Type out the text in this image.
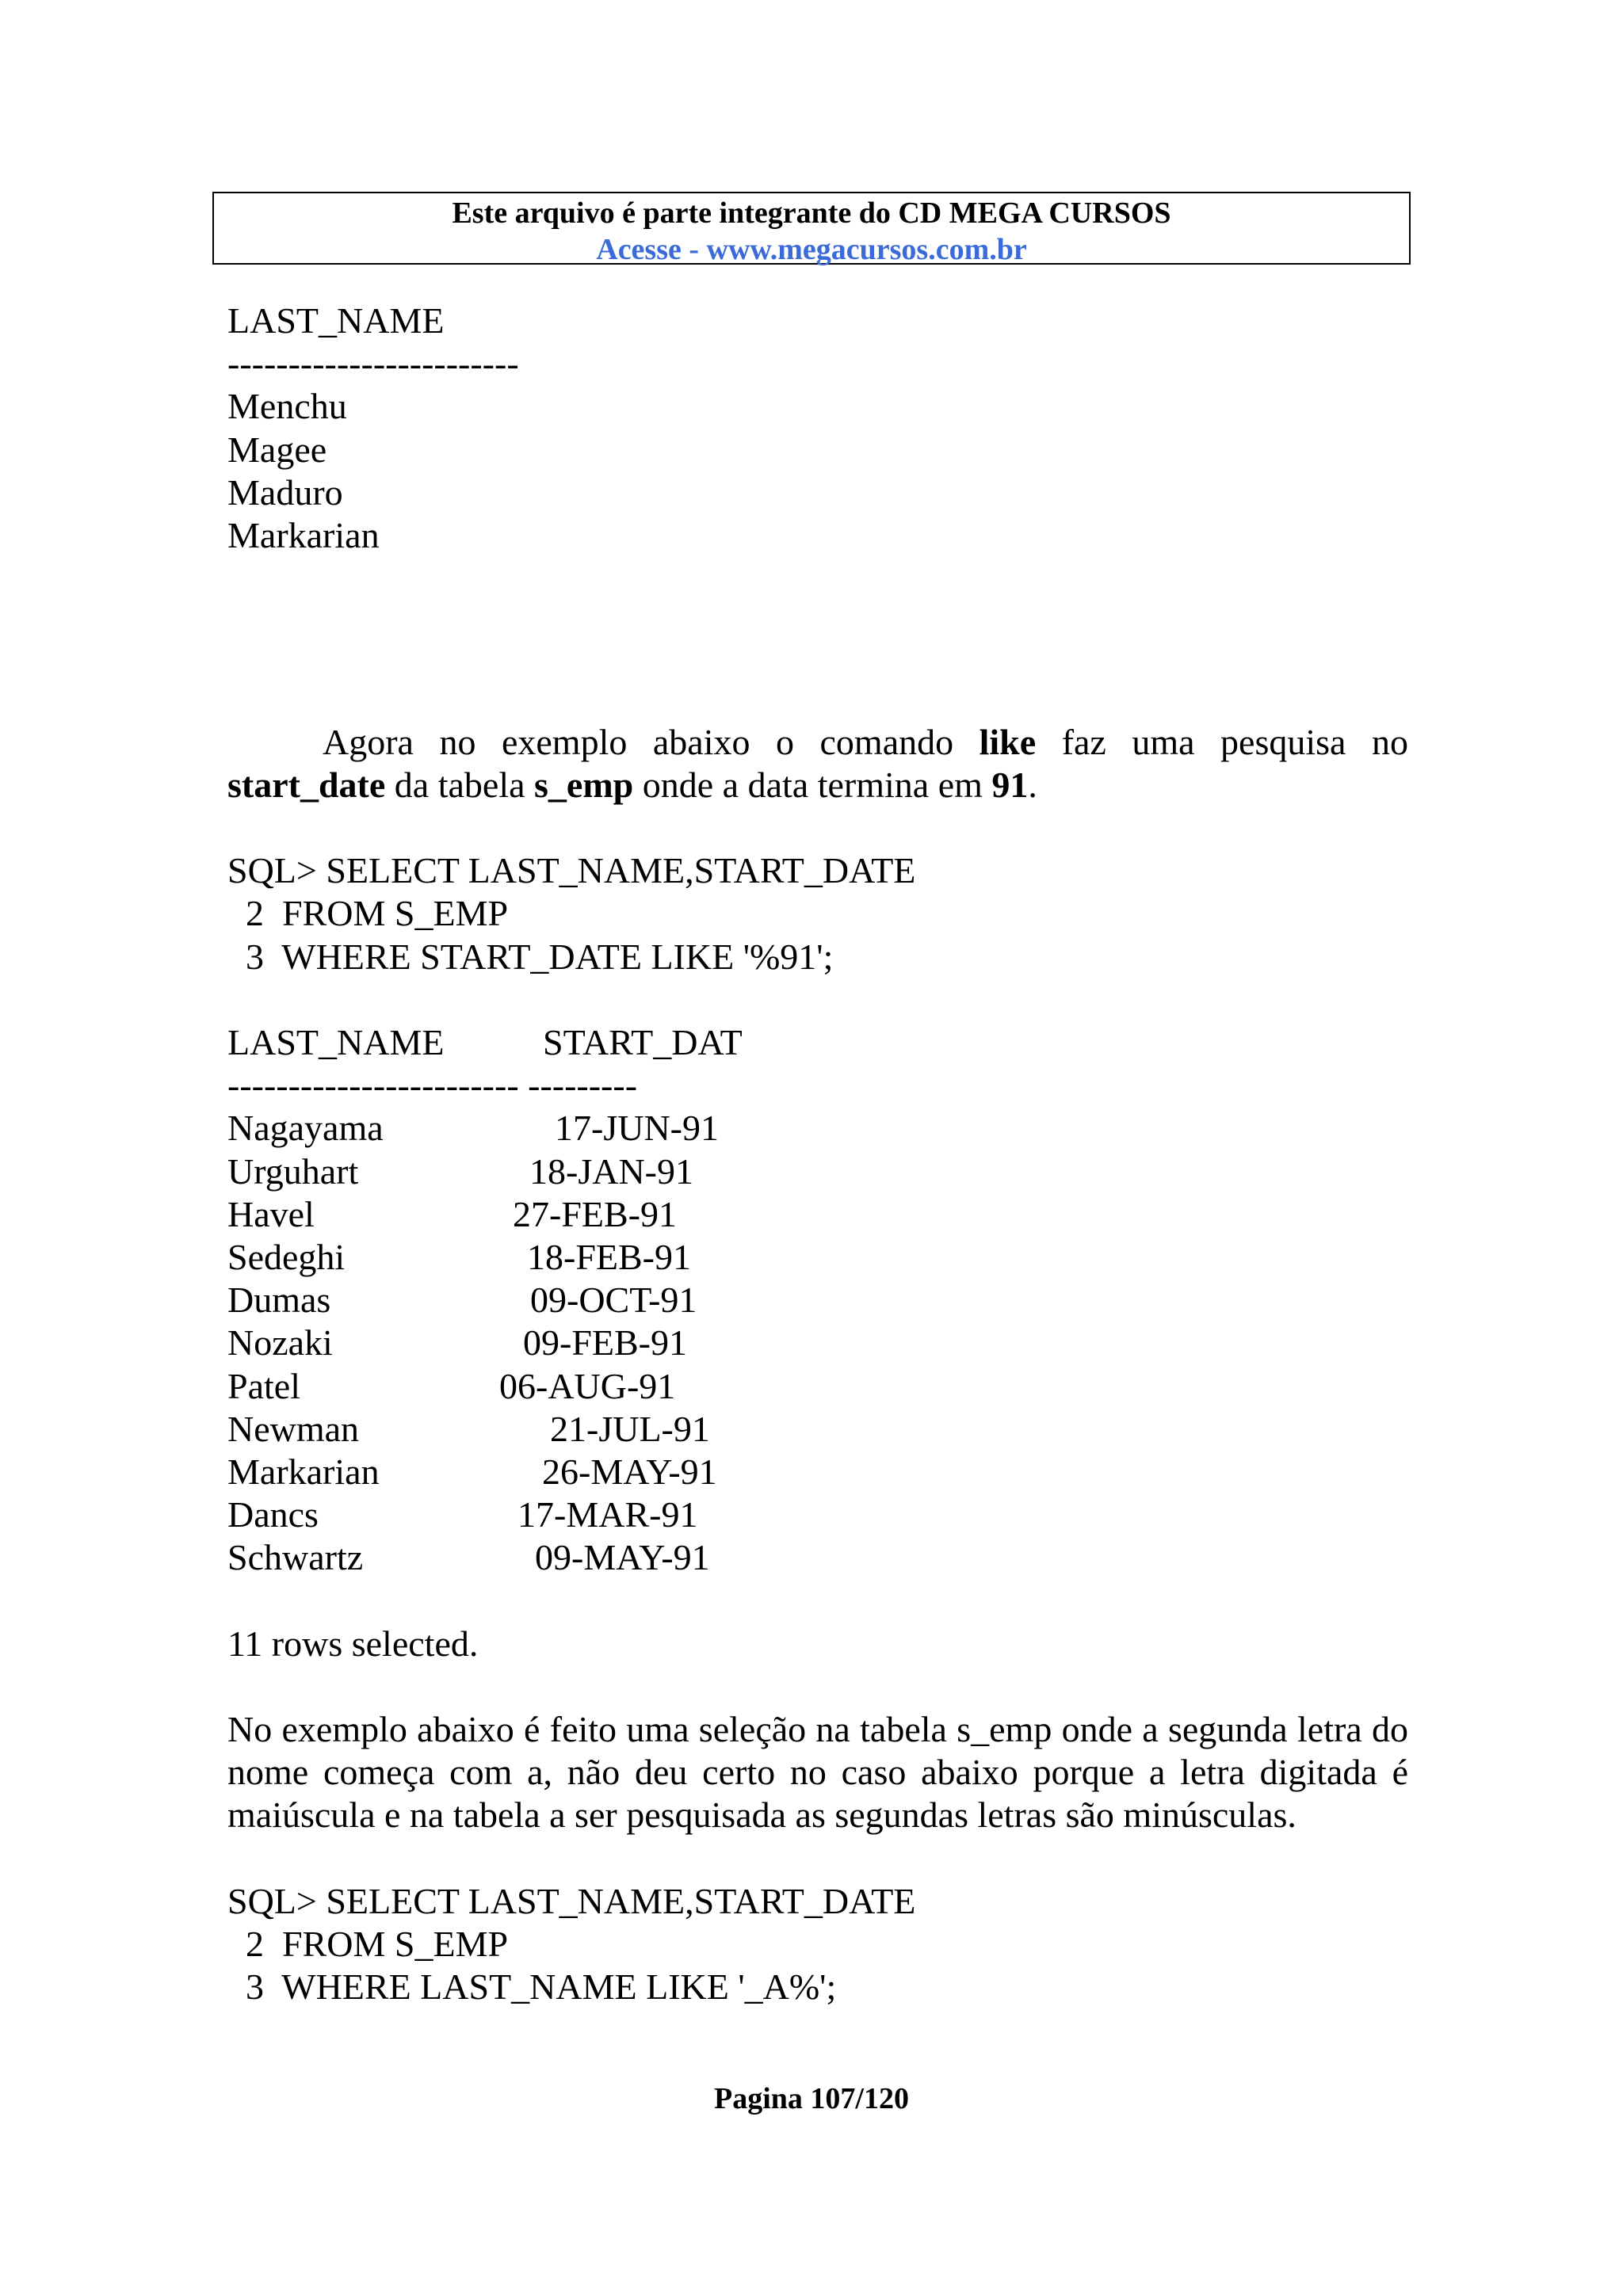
Este arquivo é parte integrante do CD MEGA CURSOS
Acesse - www.megacursos.com.br
LAST_NAME
------------------------
Menchu
Magee
Maduro
Markarian
Agora no exemplo abaixo o comando like faz uma pesquisa no start_date da tabela s_emp onde a data termina em 91.
SQL> SELECT LAST_NAME,START_DATE
2  FROM S_EMP
3  WHERE START_DATE LIKE '%91';
LAST_NAME	START_DAT
------------------------ ---------
Nagayama	17-JUN-91
Urguhart	18-JAN-91
Havel	27-FEB-91
Sedeghi	18-FEB-91
Dumas	09-OCT-91
Nozaki	09-FEB-91
Patel	06-AUG-91
Newman	21-JUL-91
Markarian	26-MAY-91
Dancs	17-MAR-91
Schwartz	09-MAY-91
11 rows selected.
No exemplo abaixo é feito uma seleção na tabela s_emp onde a segunda letra do nome começa com a, não deu certo no caso abaixo porque a letra digitada é maiúscula e na tabela a ser pesquisada as segundas letras são minúsculas.
SQL> SELECT LAST_NAME,START_DATE
2  FROM S_EMP
3  WHERE LAST_NAME LIKE '_A%';
Pagina 107/120
